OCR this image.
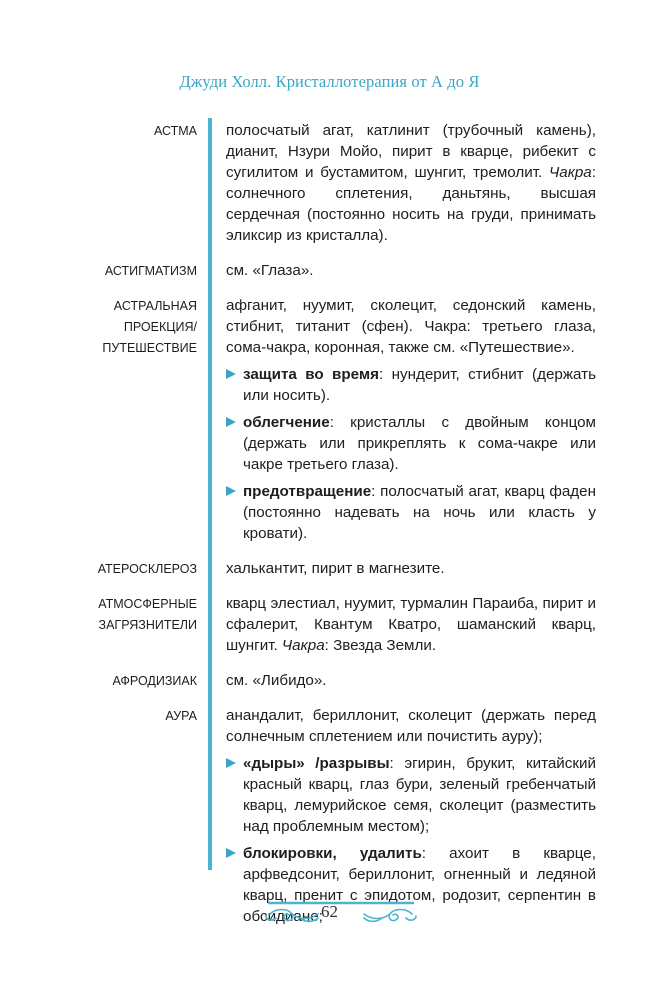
Джуди Холл. Кристаллотерапия от А до Я
АСТМА полосчатый агат, катлинит (трубочный камень), дианит, Нзури Мойо, пирит в кварце, рибекит с сугилитом и бустамитом, шунгит, тремолит. Чакра: солнечного сплетения, даньтянь, высшая сердечная (постоянно носить на груди, принимать эликсир из кристалла).

АСТИГМАТИЗМ см. «Глаза».

АСТРАЛЬНАЯ
ПРОЕКЦИЯ/
ПУТЕШЕСТВИЕ

афганит, нуумит, сколецит, седонский камень, стибнит, титанит (сфен). Чакра: третьего глаза, сома-чакра, коронная, также см. «Путешествие».

защита во время: нундерит, стибнит (держать или носить).
облегчение: кристаллы с двойным концом (держать или прикреплять к сома-чакре или чакре третьего глаза).
предотвращение: полосчатый агат, кварц фаден (постоянно надевать на ночь или класть у кровати).
АТЕРОСКЛЕРОЗ халькантит, пирит в магнезите.

АТМОСФЕРНЫЕ
ЗАГРЯЗНИТЕЛИ

кварц элестиал, нуумит, турмалин Параиба, пирит и сфалерит, Квантум Кватро, шаманский кварц, шунгит. Чакра: Звезда Земли.

АФРОДИЗИАК см. «Либидо».

АУРА анандалит, бериллонит, сколецит (держать перед солнечным сплетением или почистить ауру);

«дыры» /разрывы: эгирин, брукит, китайский красный кварц, глаз бури, зеленый гребенчатый кварц, лемурийское семя, сколецит (разместить над проблемным местом);
блокировки, удалить: ахоит в кварце, арфведсонит, бериллонит, огненный и ледяной кварц, пренит с эпидотом, родозит, серпентин в обсидиане;
62
